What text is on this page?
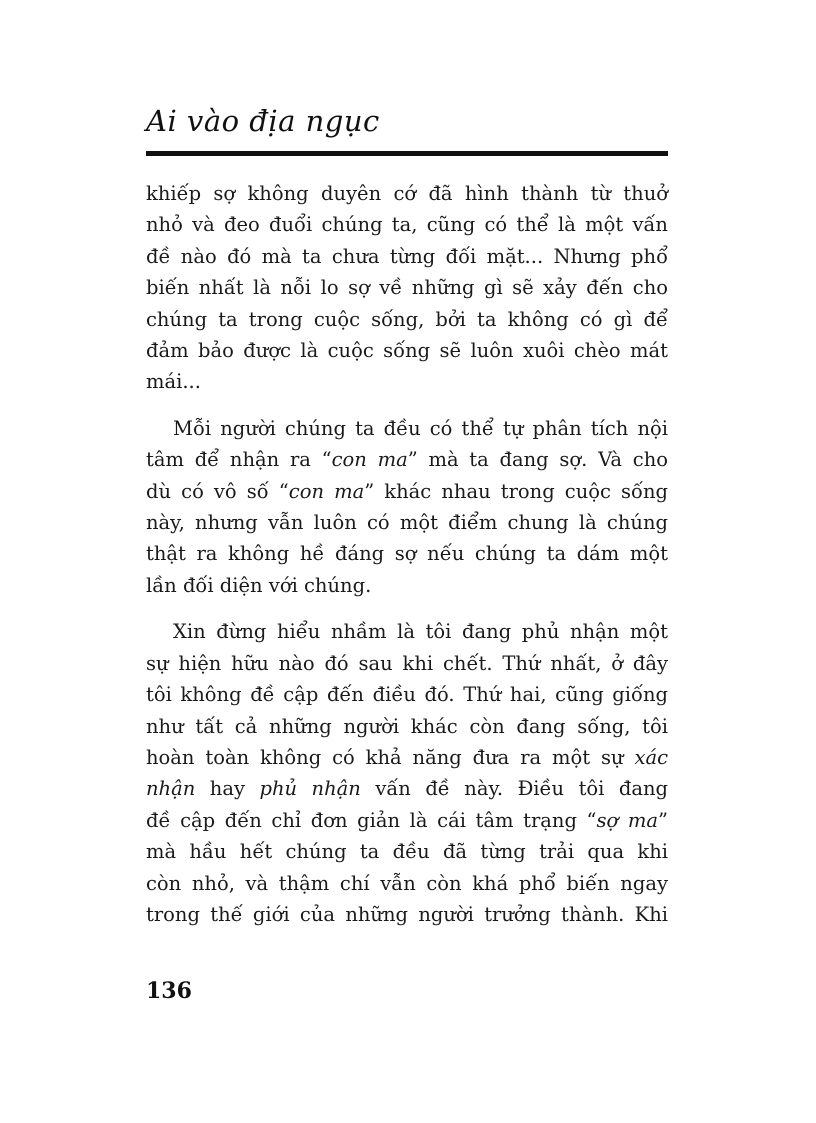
Ai vào địa ngục

khiếp sợ không duyên cớ đã hình thành từ thuở
nhỏ và đeo đuổi chúng ta, cũng có thể là một vấn
đề nào đó mà ta chưa từng đối mặt... Nhưng phổ
biến nhất là nỗi lo sợ về những gì sẽ xảy đến cho
chúng ta trong cuộc sống, bởi ta không có gì để
đảm bảo được là cuộc sống sẽ luôn xuôi chèo mát
mái...

Mỗi người chúng ta đều có thể tự phân tích nội
tâm để nhận ra “con ma” mà ta đang sợ. Và cho
dù có vô số “con ma” khác nhau trong cuộc sống
này, nhưng vẫn luôn có một điểm chung là chúng
thật ra không hề đáng sợ nếu chúng ta dám một
lần đối diện với chúng.

Xin đừng hiểu nhầm là tôi đang phủ nhận một
sự hiện hữu nào đó sau khi chết. Thứ nhất, ở đây
tôi không đề cập đến điều đó. Thứ hai, cũng giống
như tất cả những người khác còn đang sống, tôi
hoàn toàn không có khả năng đưa ra một sự xác
nhận hay phủ nhận vấn đề này. Điều tôi đang
đề cập đến chỉ đơn giản là cái tâm trạng “sợ ma”
mà hầu hết chúng ta đều đã từng trải qua khi
còn nhỏ, và thậm chí vẫn còn khá phổ biến ngay
trong thế giới của những người trưởng thành. Khi

136
